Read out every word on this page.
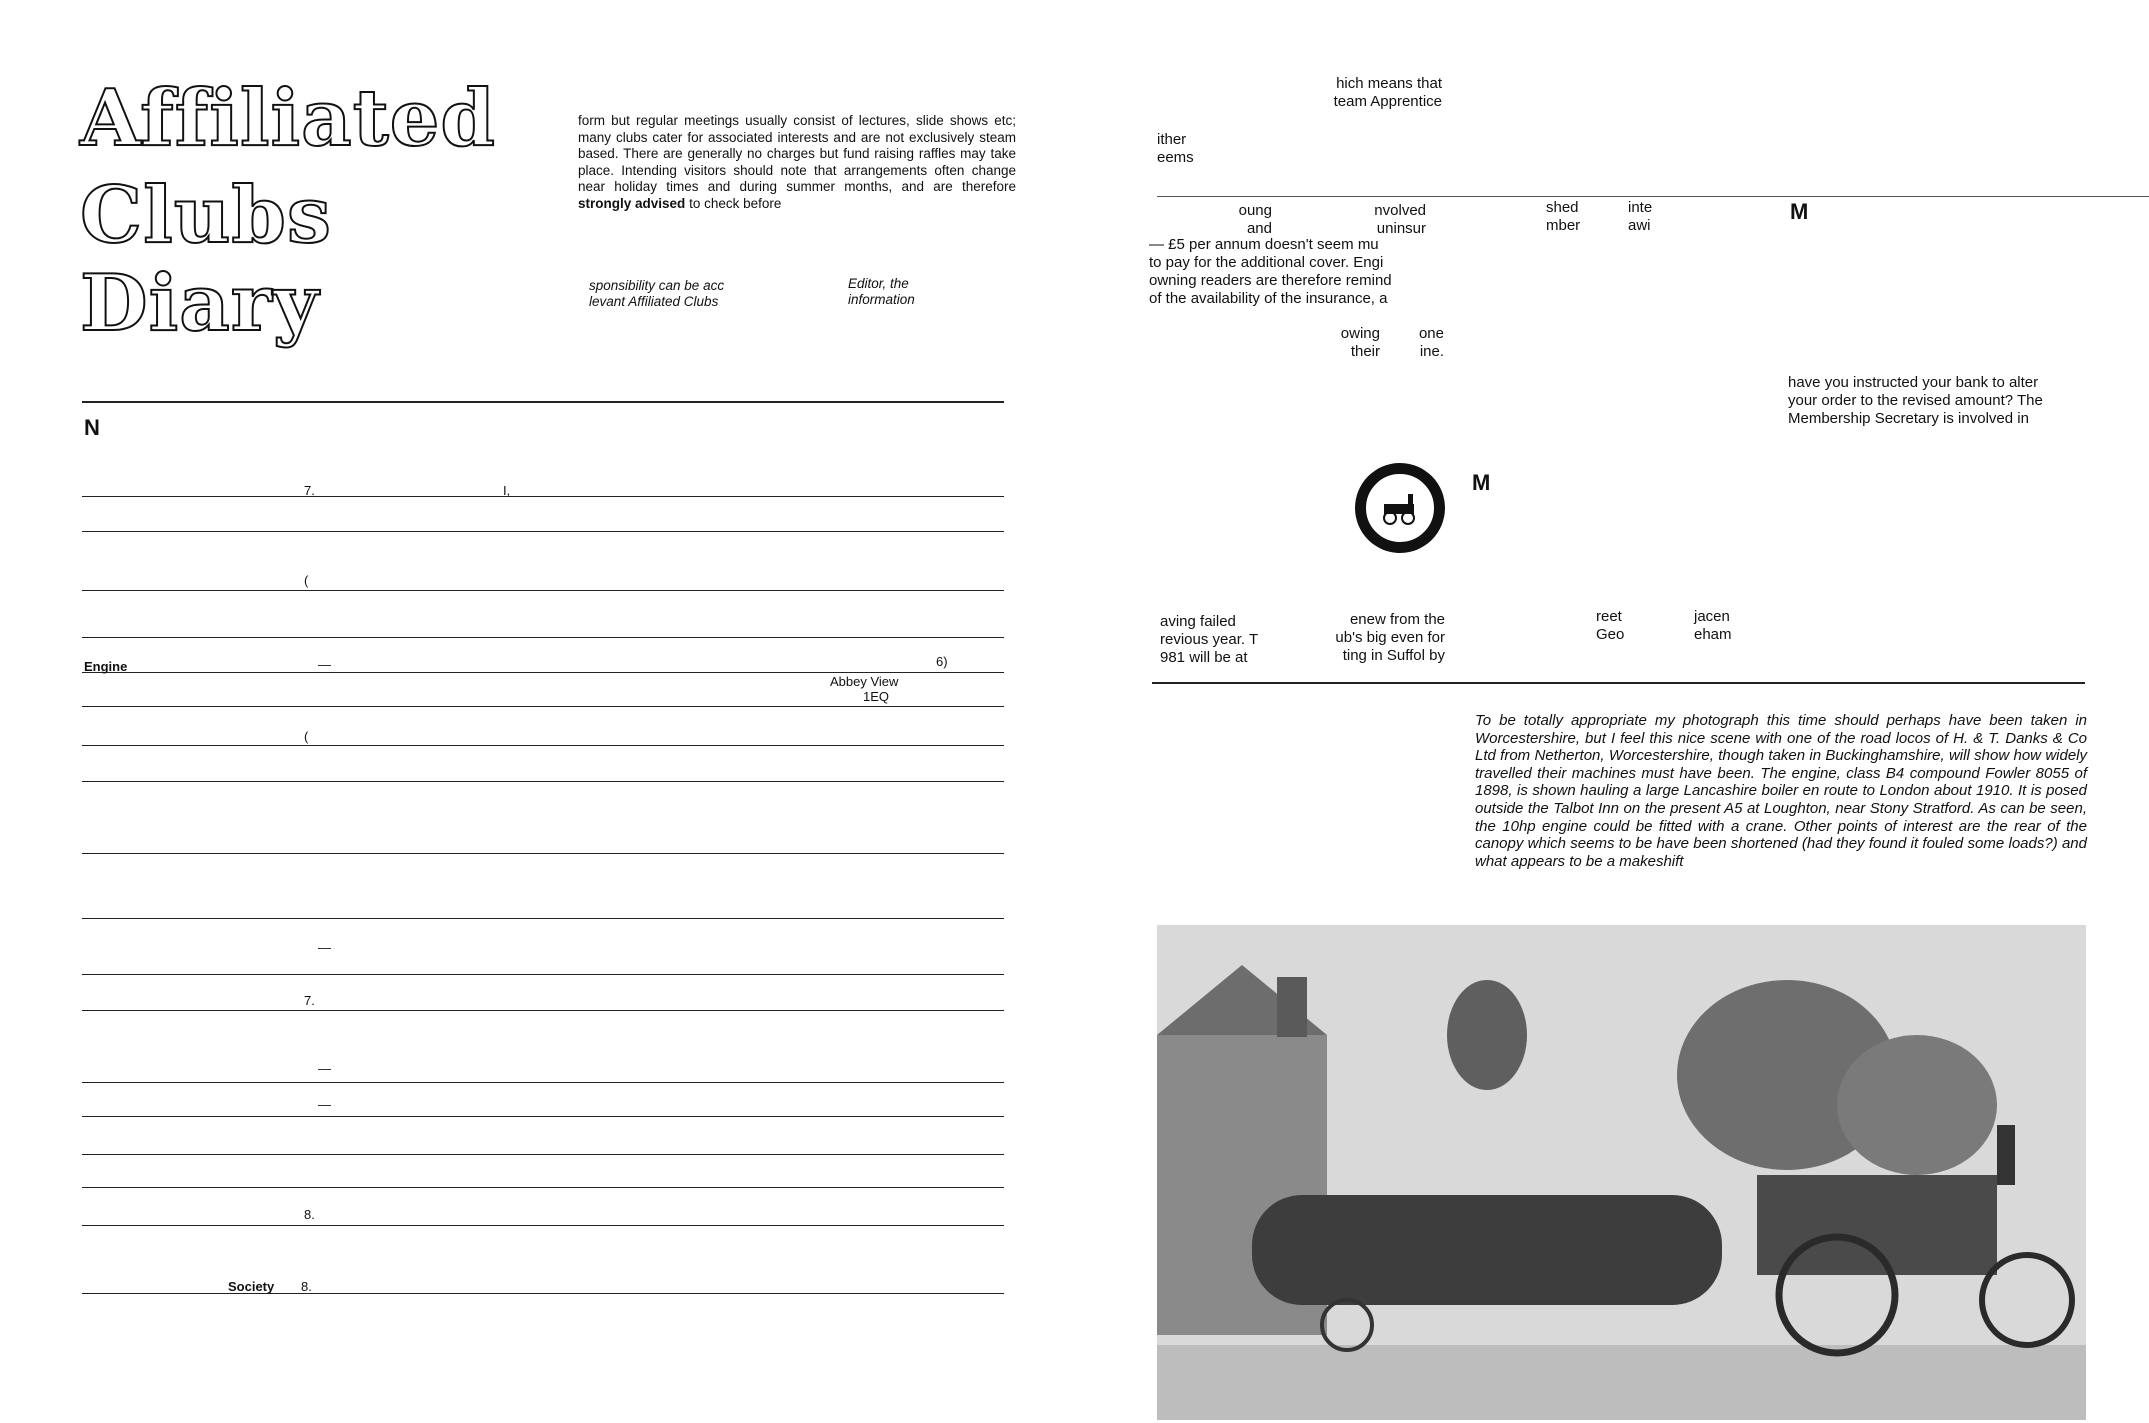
Affiliated
Clubs
Diary
form but regular meetings usually consist of lectures, slide shows etc; many clubs cater for associated interests and are not exclusively steam based. There are generally no charges but fund raising raffles may take place. Intending visitors should note that arrangements often change near holiday times and during summer months, and are therefore strongly advised to check before
sponsibility can be acc
levant Affiliated Clubs
Editor, the
information
N
7.	I,
(
Engine	—	6)
Abbey View
1EQ
(
—
7.
—
—
8.
Society 8.
hich means that
team Apprentice
ither
eems
oung
and
nvolved
uninsur
shed
mber
inte
awi
M
— £5 per annum doesn't seem mu
to pay for the additional cover. Engi
owning readers are therefore remind
of the availability of the insurance, a
owing
their
one
ine.
have you instructed your bank to alter
your order to the revised amount? The
Membership Secretary is involved in
M
aving failed
revious year. T
981 will be at
enew from the
ub's big even for
ting in Suffol by
reet
Geo
jacen
eham
To be totally appropriate my photograph this time should perhaps have been taken in Worcestershire, but I feel this nice scene with one of the road locos of H. & T. Danks & Co Ltd from Netherton, Worcestershire, though taken in Buckinghamshire, will show how widely travelled their machines must have been. The engine, class B4 compound Fowler 8055 of 1898, is shown hauling a large Lancashire boiler en route to London about 1910. It is posed outside the Talbot Inn on the present A5 at Loughton, near Stony Stratford. As can be seen, the 10hp engine could be fitted with a crane. Other points of interest are the rear of the canopy which seems to be have been shortened (had they found it fouled some loads?) and what appears to be a makeshift
